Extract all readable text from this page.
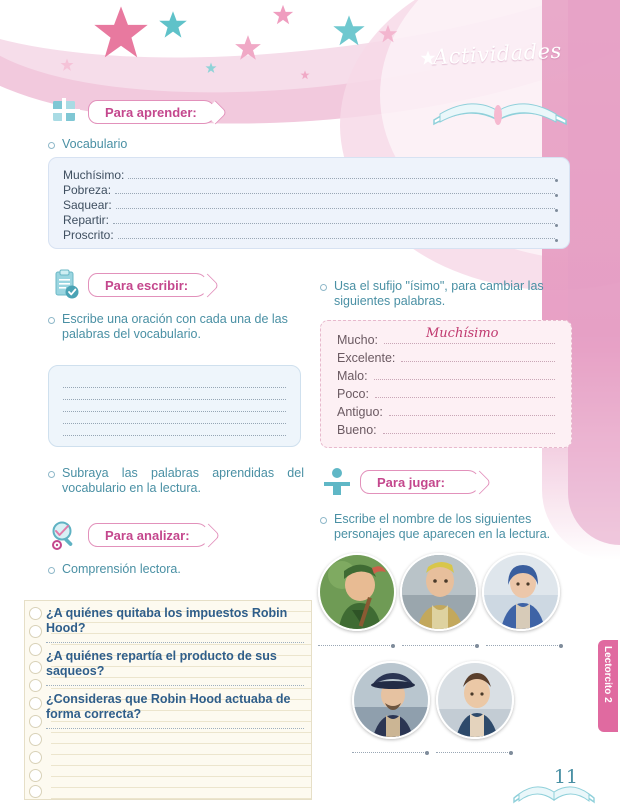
Actividades
Para aprender:
Vocabulario
Muchísimo:
Pobreza:
Saquear:
Repartir:
Proscrito:
Para escribir:
Escribe una oración con cada una de las palabras del vocabulario.
Subraya las palabras aprendidas del vocabulario en la lectura.
Usa el sufijo "ísimo", para cambiar las siguientes palabras.
Mucho:	Muchísimo
Excelente:
Malo:
Poco:
Antiguo:
Bueno:
Para analizar:
Comprensión lectora.
¿A quiénes quitaba los impuestos Robin Hood?
¿A quiénes repartía el producto de sus saqueos?
¿Consideras que Robin Hood actuaba de forma correcta?
Para jugar:
Escribe el nombre de los siguientes personajes que aparecen en la lectura.
Lectorcito 2
11
